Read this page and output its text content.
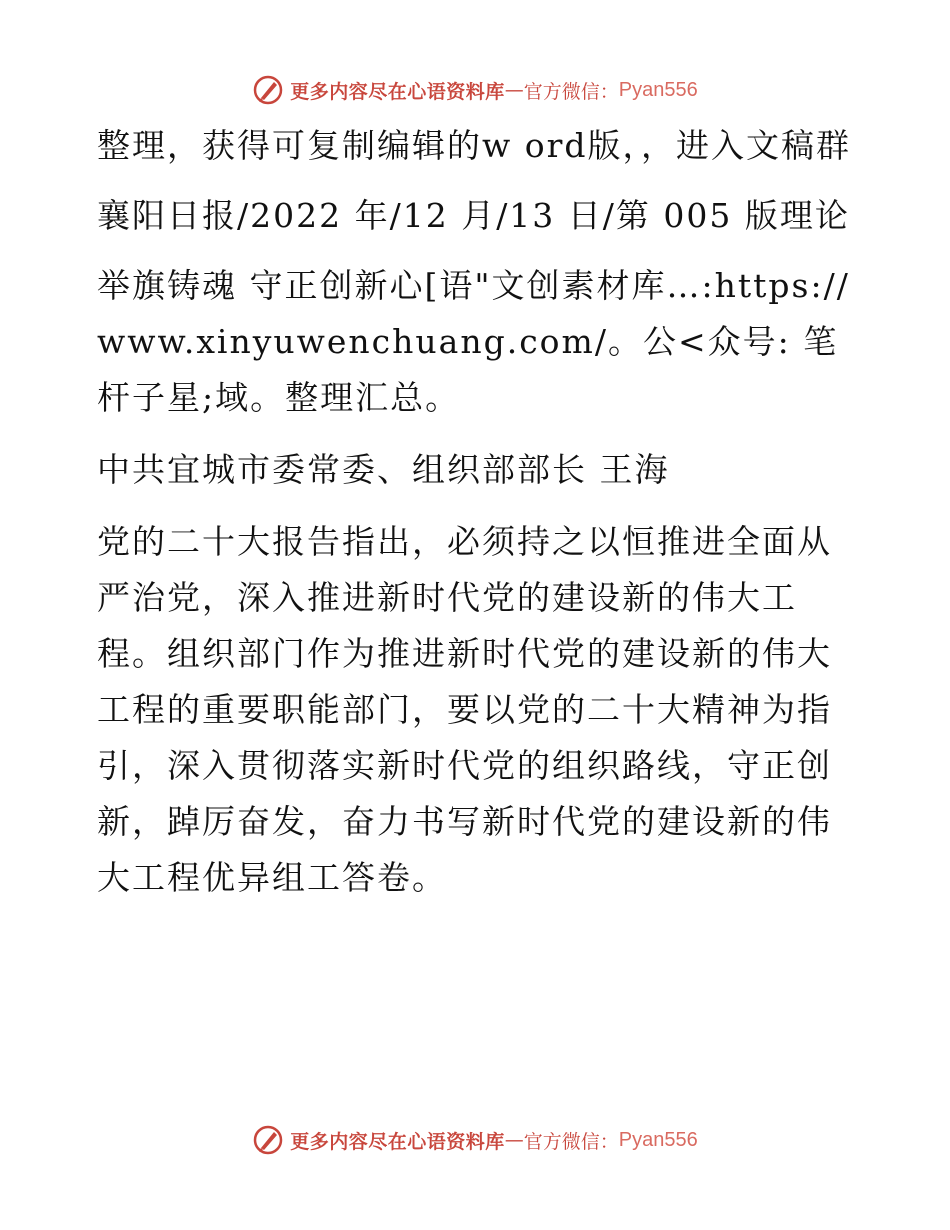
更多内容尽在心语资料库 — 官方微信： Pyan556

整理，获得可复制编辑的w ord版，，进入文稿群

襄阳日报/2022 年/12 月/13 日/第 005 版理论

举旗铸魂 守正创新心[语"文创素材库…:https://www.xinyuwenchuang.com/。公<众号: 笔杆子星;域。整理汇总。

中共宜城市委常委、组织部部长 王海

党的二十大报告指出，必须持之以恒推进全面从严治党，深入推进新时代党的建设新的伟大工程。组织部门作为推进新时代党的建设新的伟大工程的重要职能部门，要以党的二十大精神为指引，深入贯彻落实新时代党的组织路线，守正创新，踔厉奋发，奋力书写新时代党的建设新的伟大工程优异组工答卷。

更多内容尽在心语资料库 — 官方微信： Pyan556
